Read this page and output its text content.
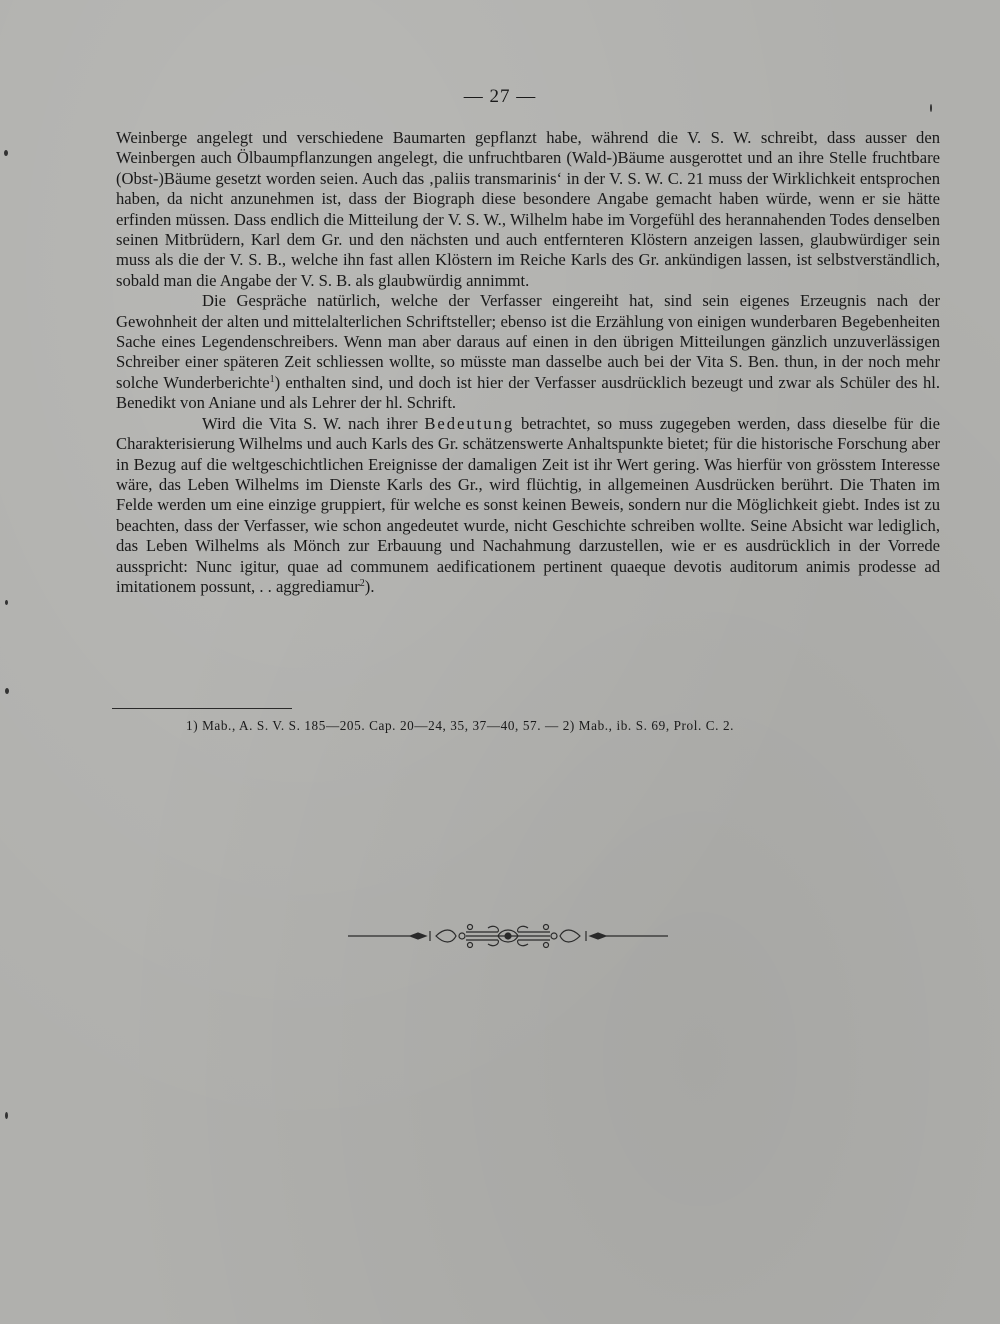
— 27 —

Weinberge angelegt und verschiedene Baumarten gepflanzt habe, während die V. S. W. schreibt, dass ausser den Weinbergen auch Ölbaumpflanzungen angelegt, die unfruchtbaren (Wald-)Bäume ausgerottet und an ihre Stelle fruchtbare (Obst-)Bäume gesetzt worden seien. Auch das ‚paliis transmarinis‘ in der V. S. W. C. 21 muss der Wirklichkeit entsprochen haben, da nicht anzunehmen ist, dass der Biograph diese besondere Angabe gemacht haben würde, wenn er sie hätte erfinden müssen. Dass endlich die Mitteilung der V. S. W., Wilhelm habe im Vorgefühl des herannahenden Todes denselben seinen Mitbrüdern, Karl dem Gr. und den nächsten und auch entfernteren Klöstern anzeigen lassen, glaubwürdiger sein muss als die der V. S. B., welche ihn fast allen Klöstern im Reiche Karls des Gr. ankündigen lassen, ist selbstverständlich, sobald man die Angabe der V. S. B. als glaubwürdig annimmt.

Die Gespräche natürlich, welche der Verfasser eingereiht hat, sind sein eigenes Erzeugnis nach der Gewohnheit der alten und mittelalterlichen Schriftsteller; ebenso ist die Erzählung von einigen wunderbaren Begebenheiten Sache eines Legendenschreibers. Wenn man aber daraus auf einen in den übrigen Mitteilungen gänzlich unzuverlässigen Schreiber einer späteren Zeit schliessen wollte, so müsste man dasselbe auch bei der Vita S. Ben. thun, in der noch mehr solche Wunderberichte$^1$) enthalten sind, und doch ist hier der Verfasser ausdrücklich bezeugt und zwar als Schüler des hl. Benedikt von Aniane und als Lehrer der hl. Schrift.

Wird die Vita S. W. nach ihrer Bedeutung betrachtet, so muss zugegeben werden, dass dieselbe für die Charakterisierung Wilhelms und auch Karls des Gr. schätzenswerte Anhaltspunkte bietet; für die historische Forschung aber in Bezug auf die weltgeschichtlichen Ereignisse der damaligen Zeit ist ihr Wert gering. Was hierfür von grösstem Interesse wäre, das Leben Wilhelms im Dienste Karls des Gr., wird flüchtig, in allgemeinen Ausdrücken berührt. Die Thaten im Felde werden um eine einzige gruppiert, für welche es sonst keinen Beweis, sondern nur die Möglichkeit giebt. Indes ist zu beachten, dass der Verfasser, wie schon angedeutet wurde, nicht Geschichte schreiben wollte. Seine Absicht war lediglich, das Leben Wilhelms als Mönch zur Erbauung und Nachahmung darzustellen, wie er es ausdrücklich in der Vorrede ausspricht: Nunc igitur, quae ad communem aedificationem pertinent quaeque devotis auditorum animis prodesse ad imitationem possunt, . . aggrediamur$^2$).

1) Mab., A. S. V. S. 185—205. Cap. 20—24, 35, 37—40, 57. — 2) Mab., ib. S. 69, Prol. C. 2.
